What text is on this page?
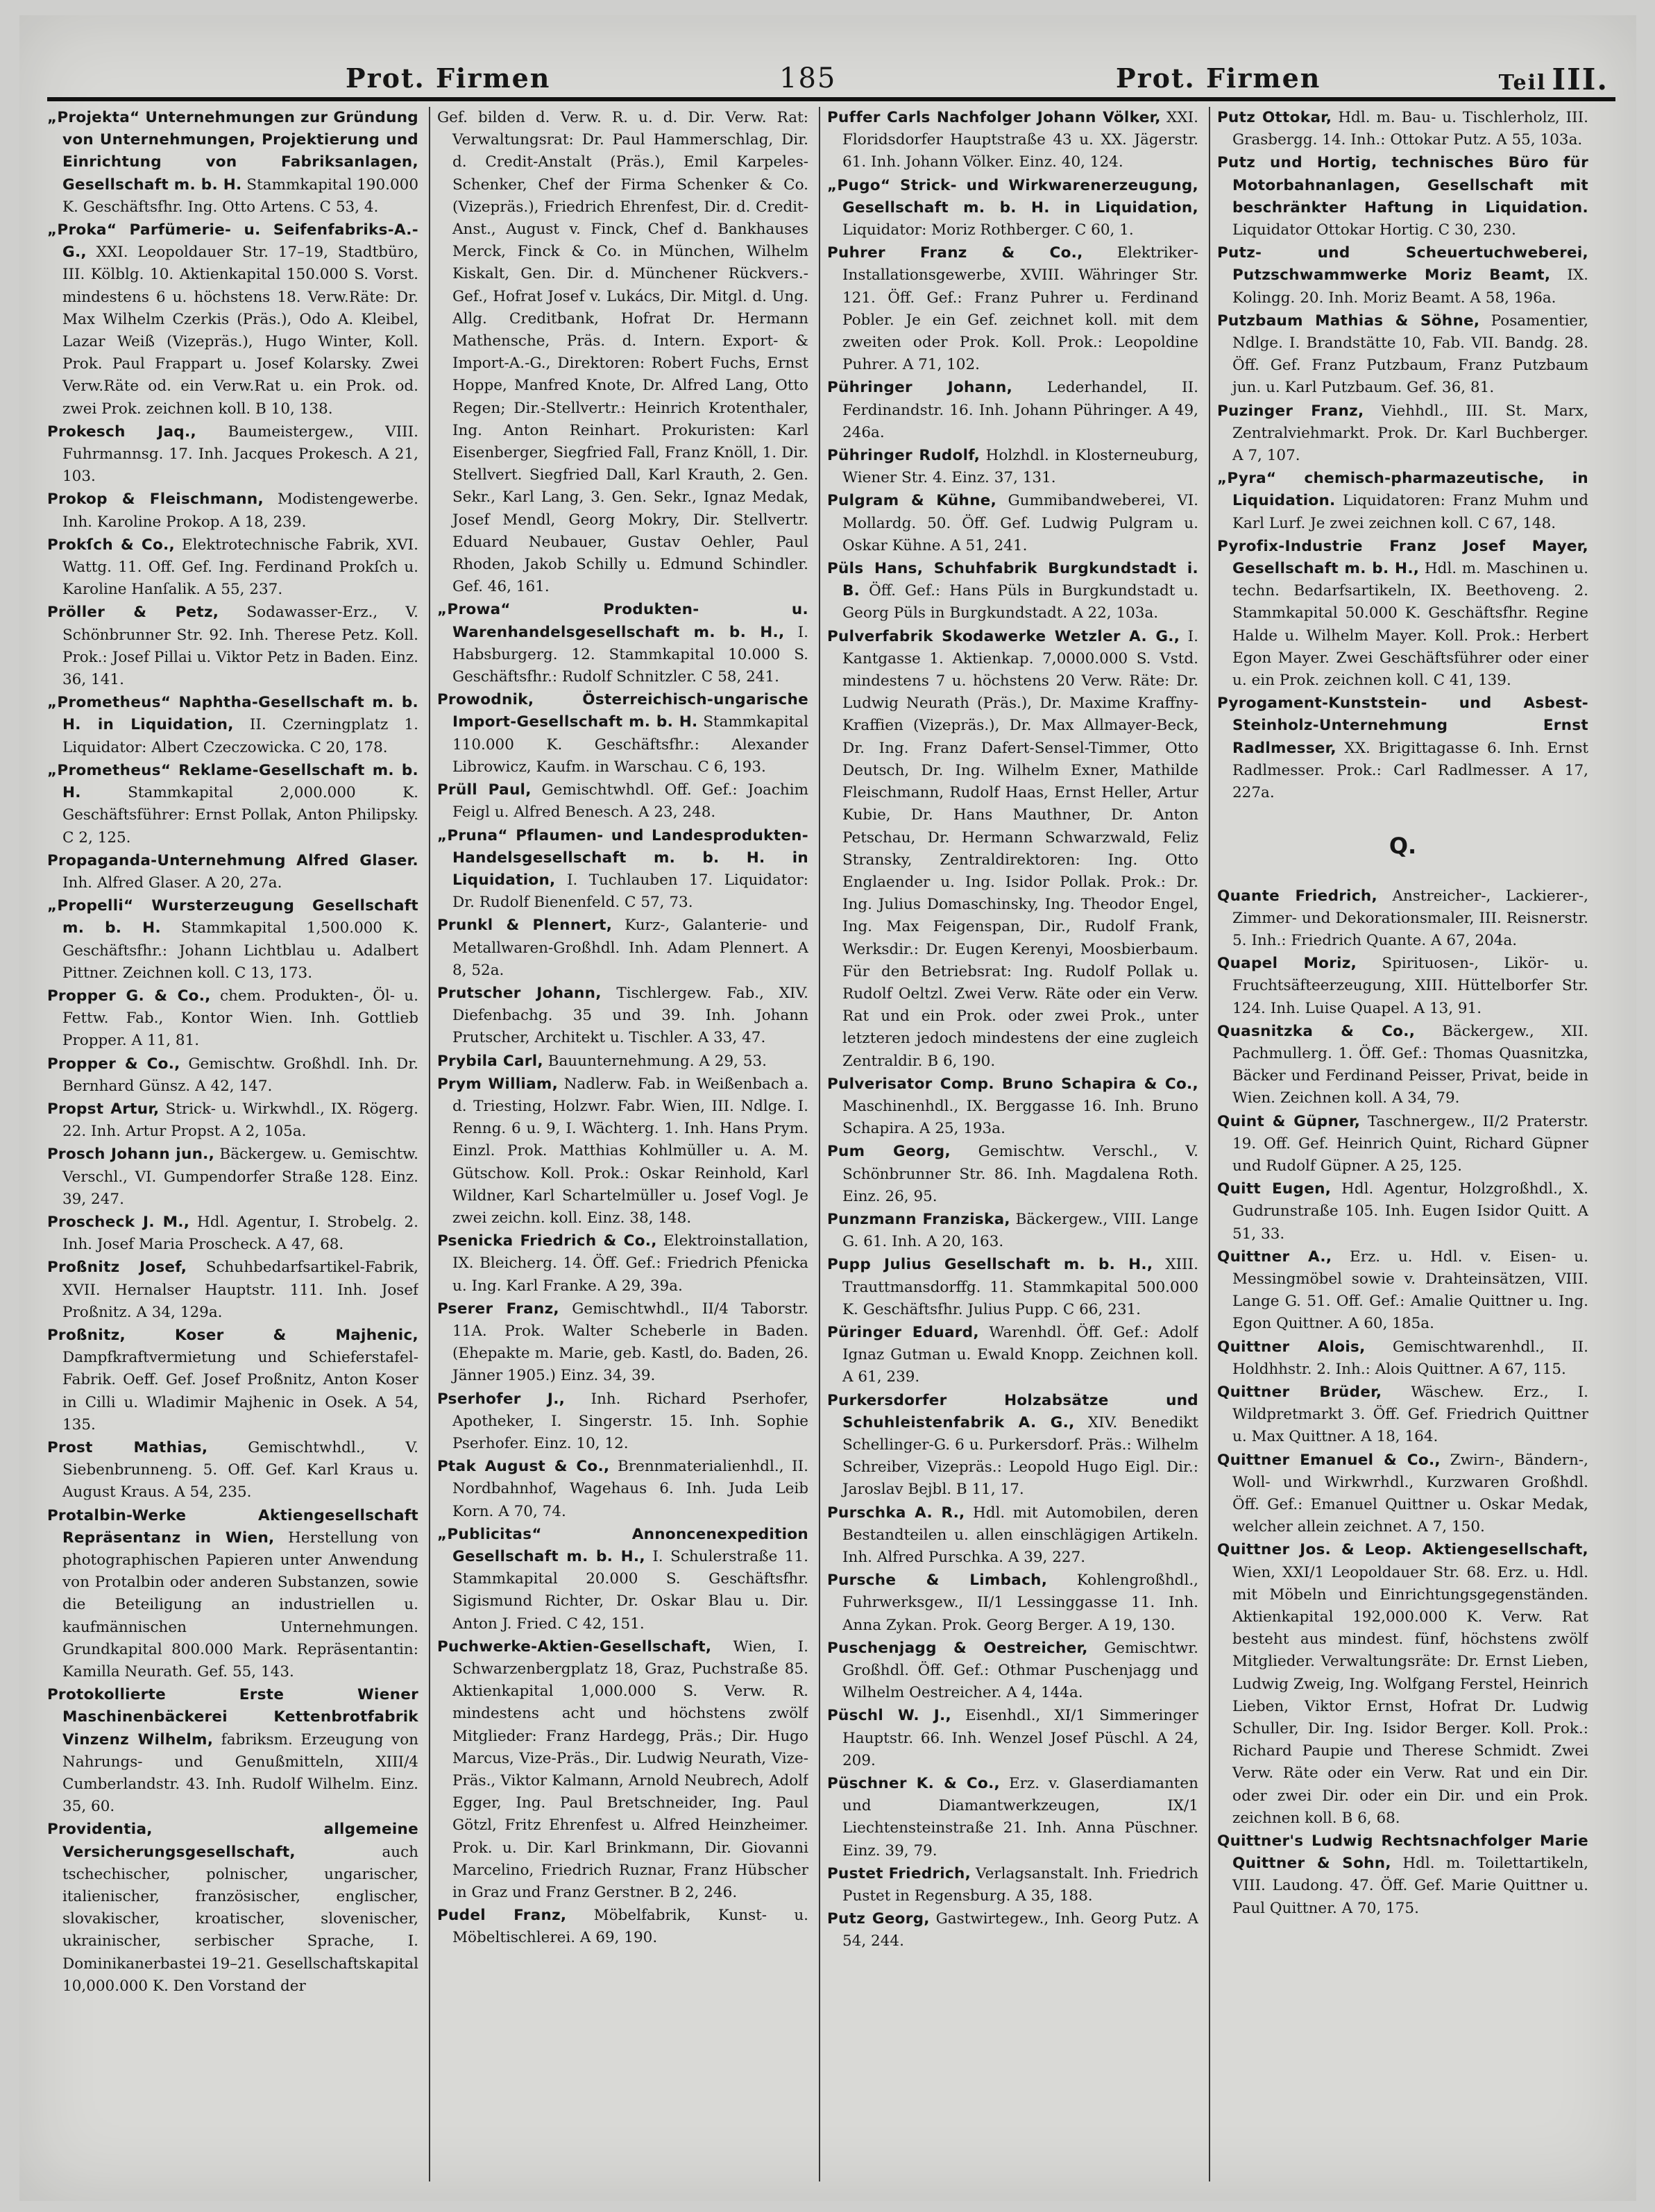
Prot. Firmen	185	Prot. Firmen	Teil III.
„Projekta“ Unternehmungen zur Gründung von Unternehmungen, Projektierung und Einrichtung von Fabriksanlagen, Gesellschaft m. b. H. Stammkapital 190.000 K. Geschäftsfhr. Ing. Otto Artens. C 53, 4.
„Proka“ Parfümerie- u. Seifenfabriks-A.-G., XXI. Leopoldauer Str. 17–19, Stadtbüro, III. Kölblg. 10. Aktienkapital 150.000 S. Vorst. mindestens 6 u. höchstens 18. Verw.Räte: Dr. Max Wilhelm Czerkis (Präs.), Odo A. Kleibel, Lazar Weiß (Vizepräs.), Hugo Winter, Koll. Prok. Paul Frappart u. Josef Kolarsky. Zwei Verw.Räte od. ein Verw.Rat u. ein Prok. od. zwei Prok. zeichnen koll. B 10, 138.
Prokesch Jaq., Baumeistergew., VIII. Fuhrmannsg. 17. Inh. Jacques Prokesch. A 21, 103.
Prokop & Fleischmann, Modistengewerbe. Inh. Karoline Prokop. A 18, 239.
Prokſch & Co., Elektrotechnische Fabrik, XVI. Wattg. 11. Off. Gef. Ing. Ferdinand Prokſch u. Karoline Hanſalik. A 55, 237.
Pröller & Petz, Sodawasser-Erz., V. Schönbrunner Str. 92. Inh. Therese Petz. Koll. Prok.: Josef Pillai u. Viktor Petz in Baden. Einz. 36, 141.
„Prometheus“ Naphtha-Gesellschaft m. b. H. in Liquidation, II. Czerningplatz 1. Liquidator: Albert Czeczowicka. C 20, 178.
„Prometheus“ Reklame-Gesellschaft m. b. H.	Stammkapital 2,000.000 K. Geschäftsführer: Ernst Pollak, Anton Philipsky. C 2, 125.
Propaganda-Unternehmung Alfred Glaser. Inh. Alfred Glaser. A 20, 27a.
„Propelli“ Wursterzeugung Gesellschaft m. b. H. Stammkapital 1,500.000 K. Geschäftsfhr.: Johann Lichtblau u. Adalbert Pittner. Zeichnen koll. C 13, 173.
Propper G. & Co., chem. Produkten-, Öl- u. Fettw. Fab., Kontor Wien. Inh. Gottlieb Propper. A 11, 81.
Propper & Co., Gemischtw. Großhdl. Inh. Dr. Bernhard Günsz. A 42, 147.
Propst Artur, Strick- u. Wirkwhdl., IX. Rögerg. 22. Inh. Artur Propst. A 2, 105a.
Prosch Johann jun., Bäckergew. u. Gemischtw. Verschl., VI. Gumpendorfer Straße 128. Einz. 39, 247.
Proscheck J. M., Hdl. Agentur, I. Strobelg. 2. Inh. Josef Maria Proscheck. A 47, 68.
Proßnitz Josef, Schuhbedarfsartikel-Fabrik, XVII. Hernalser Hauptstr. 111. Inh. Josef Proßnitz. A 34, 129a.
Proßnitz, Koser & Majhenic, Dampfkraftvermietung und Schieferstafel-Fabrik. Oeff. Gef. Josef Proßnitz, Anton Koser in Cilli u. Wladimir Majhenic in Osek. A 54, 135.
Prost Mathias,	Gemischtwhdl., V. Siebenbrunneng. 5. Off. Gef. Karl Kraus u. August Kraus. A 54, 235.
Protalbin-Werke Aktiengesellschaft Repräsentanz in Wien, Herstellung von photographischen Papieren unter Anwendung von Protalbin oder anderen Substanzen, sowie die Beteiligung an industriellen u. kaufmännischen Unternehmungen. Grundkapital 800.000 Mark. Repräsentantin: Kamilla Neurath. Gef. 55, 143.
Protokollierte Erste Wiener Maschinenbäckerei Kettenbrotfabrik Vinzenz Wilhelm, fabriksm. Erzeugung von Nahrungs- und Genußmitteln, XIII/4 Cumberlandstr. 43. Inh. Rudolf Wilhelm. Einz. 35, 60.
Providentia, allgemeine Versicherungsgesellschaft,	auch tschechischer, polnischer, ungarischer, italienischer, französischer, englischer, slovakischer, kroatischer, slovenischer, ukrainischer, serbischer Sprache, I. Dominikanerbastei 19–21. Gesellschaftskapital 10,000.000 K. Den Vorstand der
Gef. bilden d. Verw. R. u. d. Dir. Verw. Rat: Verwaltungsrat: Dr. Paul Hammerschlag, Dir. d. Credit-Anstalt (Präs.), Emil Karpeles-Schenker, Chef der Firma Schenker & Co. (Vizepräs.), Friedrich Ehrenfest, Dir. d. Credit-Anst., August v. Finck, Chef d. Bankhauses Merck, Finck & Co. in München, Wilhelm Kiskalt, Gen. Dir. d. Münchener Rückvers.-Gef., Hofrat Josef v. Lukács, Dir. Mitgl. d. Ung. Allg. Creditbank, Hofrat Dr. Hermann Mathensche, Präs. d. Intern. Export- & Import-A.-G., Direktoren: Robert Fuchs, Ernst Hoppe, Manfred Knote, Dr. Alfred Lang, Otto Regen; Dir.-Stellvertr.: Heinrich Krotenthaler, Ing. Anton Reinhart. Prokuristen: Karl Eisenberger, Siegfried Fall, Franz Knöll, 1. Dir. Stellvert. Siegfried Dall, Karl Krauth, 2. Gen. Sekr., Karl Lang, 3. Gen. Sekr., Ignaz Medak, Josef Mendl, Georg Mokry, Dir. Stellvertr. Eduard Neubauer, Gustav Oehler, Paul Rhoden, Jakob Schilly u. Edmund Schindler. Gef. 46, 161.
„Prowa“ Produkten- u. Warenhandelsgesellschaft m. b. H., I. Habsburgerg. 12. Stammkapital 10.000 S. Geschäftsfhr.: Rudolf Schnitzler. C 58, 241.
Prowodnik, Österreichisch-ungarische Import-Gesellschaft m. b. H. Stammkapital 110.000 K. Geschäftsfhr.: Alexander Librowicz, Kaufm. in Warschau. C 6, 193.
Prüll Paul, Gemischtwhdl. Off. Gef.: Joachim Feigl u. Alfred Benesch. A 23, 248.
„Pruna“ Pflaumen- und Landesprodukten-Handelsgesellschaft m. b. H. in Liquidation, I. Tuchlauben 17. Liquidator: Dr. Rudolf Bienenfeld. C 57, 73.
Prunkl & Plennert, Kurz-, Galanterie- und Metallwaren-Großhdl. Inh. Adam Plennert. A 8, 52a.
Prutscher Johann, Tischlergew. Fab., XIV. Diefenbachg. 35 und 39. Inh. Johann Prutscher, Architekt u. Tischler. A 33, 47.
Prybila Carl, Bauunternehmung. A 29, 53.
Prym William, Nadlerw. Fab. in Weißenbach a. d. Triesting, Holzwr. Fabr. Wien, III. Ndlge. I. Renng. 6 u. 9, I. Wächterg. 1. Inh. Hans Prym. Einzl. Prok. Matthias Kohlmüller u. A. M. Gütschow. Koll. Prok.: Oskar Reinhold, Karl Wildner, Karl Schartelmüller u. Josef Vogl. Je zwei zeichn. koll. Einz. 38, 148.
Psenicka Friedrich & Co., Elektroinstallation, IX. Bleicherg. 14. Öff. Gef.: Friedrich Pfenicka u. Ing. Karl Franke. A 29, 39a.
Pserer Franz, Gemischtwhdl., II/4 Taborstr. 11A. Prok. Walter Scheberle in Baden. (Ehepakte m. Marie, geb. Kastl, do. Baden, 26. Jänner 1905.) Einz. 34, 39.
Pserhofer J., Inh. Richard Pserhofer, Apotheker, I. Singerstr. 15. Inh. Sophie Pserhofer. Einz. 10, 12.
Ptak August & Co., Brennmaterialienhdl., II. Nordbahnhof, Wagehaus 6. Inh. Juda Leib Korn. A 70, 74.
„Publicitas“ Annoncenexpedition Gesellschaft m. b. H., I. Schulerstraße 11. Stammkapital 20.000 S. Geschäftsfhr. Sigismund Richter, Dr. Oskar Blau u. Dir. Anton J. Fried. C 42, 151.
Puchwerke-Aktien-Gesellschaft, Wien, I. Schwarzenbergplatz 18, Graz, Puchstraße 85. Aktienkapital 1,000.000 S. Verw. R. mindestens acht und höchstens zwölf Mitglieder: Franz Hardegg, Präs.; Dir. Hugo Marcus, Vize-Präs., Dir. Ludwig Neurath, Vize-Präs., Viktor Kalmann, Arnold Neubrech, Adolf Egger, Ing. Paul Bretschneider, Ing. Paul Götzl, Fritz Ehrenfest u. Alfred Heinzheimer. Prok. u. Dir. Karl Brinkmann, Dir. Giovanni Marcelino, Friedrich Ruznar, Franz Hübscher in Graz und Franz Gerstner. B 2, 246.
Pudel Franz, Möbelfabrik, Kunst- u. Möbeltischlerei. A 69, 190.
Puffer Carls Nachfolger Johann Völker, XXI. Floridsdorfer Hauptstraße 43 u. XX. Jägerstr. 61. Inh. Johann Völker. Einz. 40, 124.
„Pugo“ Strick- und Wirkwarenerzeugung, Gesellschaft m. b. H. in Liquidation, Liquidator: Moriz Rothberger. C 60, 1.
Puhrer Franz & Co., Elektriker-Installationsgewerbe, XVIII. Währinger Str. 121. Öff. Gef.: Franz Puhrer u. Ferdinand Pobler. Je ein Gef. zeichnet koll. mit dem zweiten oder Prok. Koll. Prok.: Leopoldine Puhrer. A 71, 102.
Pühringer Johann, Lederhandel, II. Ferdinandstr. 16. Inh. Johann Pühringer. A 49, 246a.
Pühringer Rudolf, Holzhdl. in Klosterneuburg, Wiener Str. 4. Einz. 37, 131.
Pulgram & Kühne, Gummibandweberei, VI. Mollardg. 50. Öff. Gef. Ludwig Pulgram u. Oskar Kühne. A 51, 241.
Püls Hans, Schuhfabrik Burgkundstadt i. B. Öff. Gef.: Hans Püls in Burgkundstadt u. Georg Püls in Burgkundstadt. A 22, 103a.
Pulverfabrik Skodawerke Wetzler A. G., I. Kantgasse 1. Aktienkap. 7,0000.000 S. Vstd. mindestens 7 u. höchstens 20 Verw. Räte: Dr. Ludwig Neurath (Präs.), Dr. Maxime Kraffny-Kraffien (Vizepräs.), Dr. Max Allmayer-Beck, Dr. Ing. Franz Dafert-Sensel-Timmer, Otto Deutsch, Dr. Ing. Wilhelm Exner, Mathilde Fleischmann, Rudolf Haas, Ernst Heller, Artur Kubie, Dr. Hans Mauthner, Dr. Anton Petschau, Dr. Hermann Schwarzwald, Feliz Stransky, Zentraldirektoren: Ing. Otto Englaender u. Ing. Isidor Pollak. Prok.: Dr. Ing. Julius Domaschinsky, Ing. Theodor Engel, Ing. Max Feigenspan, Dir., Rudolf Frank, Werksdir.: Dr. Eugen Kerenyi, Moosbierbaum. Für den Betriebsrat: Ing. Rudolf Pollak u. Rudolf Oeltzl. Zwei Verw. Räte oder ein Verw. Rat und ein Prok. oder zwei Prok., unter letzteren jedoch mindestens der eine zugleich Zentraldir. B 6, 190.
Pulverisator Comp. Bruno Schapira & Co., Maschinenhdl., IX. Berggasse 16. Inh. Bruno Schapira. A 25, 193a.
Pum Georg, Gemischtw. Verschl., V. Schönbrunner Str. 86. Inh. Magdalena Roth. Einz. 26, 95.
Punzmann Franziska, Bäckergew., VIII. Lange G. 61. Inh. A 20, 163.
Pupp Julius Gesellschaft m. b. H., XIII. Trauttmansdorffg. 11. Stammkapital 500.000 K. Geschäftsfhr. Julius Pupp. C 66, 231.
Püringer Eduard, Warenhdl. Öff. Gef.: Adolf Ignaz Gutman u. Ewald Knopp. Zeichnen koll. A 61, 239.
Purkersdorfer Holzabsätze und Schuhleistenfabrik A. G., XIV. Benedikt Schellinger-G. 6 u. Purkersdorf. Präs.: Wilhelm Schreiber, Vizepräs.: Leopold Hugo Eigl. Dir.: Jaroslav Bejbl. B 11, 17.
Purschka A. R., Hdl. mit Automobilen, deren Bestandteilen u. allen einschlägigen Artikeln. Inh. Alfred Purschka. A 39, 227.
Pursche & Limbach, Kohlengroßhdl., Fuhrwerksgew., II/1 Lessinggasse 11. Inh. Anna Zykan. Prok. Georg Berger. A 19, 130.
Puschenjagg & Oestreicher, Gemischtwr. Großhdl. Öff. Gef.: Othmar Puschenjagg und Wilhelm Oestreicher. A 4, 144a.
Püschl W. J., Eisenhdl., XI/1 Simmeringer Hauptstr. 66. Inh. Wenzel Josef Püschl. A 24, 209.
Püschner K. & Co., Erz. v. Glaserdiamanten und Diamantwerkzeugen, IX/1 Liechtensteinstraße 21. Inh. Anna Püschner. Einz. 39, 79.
Pustet Friedrich, Verlagsanstalt. Inh. Friedrich Pustet in Regensburg. A 35, 188.
Putz Georg, Gastwirtegew., Inh. Georg Putz. A 54, 244.
Putz Ottokar, Hdl. m. Bau- u. Tischlerholz, III. Grasbergg. 14. Inh.: Ottokar Putz. A 55, 103a.
Putz und Hortig, technisches Büro für Motorbahnanlagen, Gesellschaft mit beschränkter Haftung in Liquidation. Liquidator Ottokar Hortig. C 30, 230.
Putz- und Scheuertuchweberei, Putzschwammwerke Moriz Beamt, IX. Kolingg. 20. Inh. Moriz Beamt. A 58, 196a.
Putzbaum Mathias & Söhne, Posamentier, Ndlge. I. Brandstätte 10, Fab. VII. Bandg. 28. Öff. Gef. Franz Putzbaum, Franz Putzbaum jun. u. Karl Putzbaum. Gef. 36, 81.
Puzinger Franz, Viehhdl., III. St. Marx, Zentralviehmarkt. Prok. Dr. Karl Buchberger. A 7, 107.
„Pyra“ chemisch-pharmazeutische, in Liquidation. Liquidatoren: Franz Muhm und Karl Lurf. Je zwei zeichnen koll. C 67, 148.
Pyrofix-Industrie Franz Josef Mayer, Gesellschaft m. b. H., Hdl. m. Maschinen u. techn. Bedarfsartikeln, IX. Beethoveng. 2. Stammkapital 50.000 K. Geschäftsfhr. Regine Halde u. Wilhelm Mayer. Koll. Prok.: Herbert Egon Mayer. Zwei Geschäftsführer oder einer u. ein Prok. zeichnen koll. C 41, 139.
Pyrogament-Kunststein- und Asbest-Steinholz-Unternehmung Ernst Radlmesser, XX. Brigittagasse 6. Inh. Ernst Radlmesser. Prok.: Carl Radlmesser. A 17, 227a.
Q.
Quante Friedrich, Anstreicher-, Lackierer-, Zimmer- und Dekorationsmaler, III. Reisnerstr. 5. Inh.: Friedrich Quante. A 67, 204a.
Quapel Moriz, Spirituosen-, Likör- u. Fruchtsäfteerzeugung, XIII. Hüttelborfer Str. 124. Inh. Luise Quapel. A 13, 91.
Quasnitzka & Co., Bäckergew., XII. Pachmullerg. 1. Öff. Gef.: Thomas Quasnitzka, Bäcker und Ferdinand Peisser, Privat, beide in Wien. Zeichnen koll. A 34, 79.
Quint & Güpner, Taschnergew., II/2 Praterstr. 19. Off. Gef. Heinrich Quint, Richard Güpner und Rudolf Güpner. A 25, 125.
Quitt Eugen, Hdl. Agentur, Holzgroßhdl., X. Gudrunstraße 105. Inh. Eugen Isidor Quitt. A 51, 33.
Quittner A., Erz. u. Hdl. v. Eisen- u. Messingmöbel sowie v. Drahteinsätzen, VIII. Lange G. 51. Off. Gef.: Amalie Quittner u. Ing. Egon Quittner. A 60, 185a.
Quittner Alois, Gemischtwarenhdl., II. Holdhhstr. 2. Inh.: Alois Quittner. A 67, 115.
Quittner Brüder, Wäschew. Erz., I. Wildpretmarkt 3. Öff. Gef. Friedrich Quittner u. Max Quittner. A 18, 164.
Quittner Emanuel & Co., Zwirn-, Bändern-, Woll- und Wirkwrhdl., Kurzwaren Großhdl. Öff. Gef.: Emanuel Quittner u. Oskar Medak, welcher allein zeichnet. A 7, 150.
Quittner Jos. & Leop. Aktiengesellschaft, Wien, XXI/1 Leopoldauer Str. 68. Erz. u. Hdl. mit Möbeln und Einrichtungsgegenständen. Aktienkapital 192,000.000 K. Verw. Rat besteht aus mindest. fünf, höchstens zwölf Mitglieder. Verwaltungsräte: Dr. Ernst Lieben, Ludwig Zweig, Ing. Wolfgang Ferstel, Heinrich Lieben, Viktor Ernst, Hofrat Dr. Ludwig Schuller, Dir. Ing. Isidor Berger. Koll. Prok.: Richard Paupie und Therese Schmidt. Zwei Verw. Räte oder ein Verw. Rat und ein Dir. oder zwei Dir. oder ein Dir. und ein Prok. zeichnen koll. B 6, 68.
Quittner's Ludwig Rechtsnachfolger Marie Quittner & Sohn, Hdl. m. Toilettartikeln, VIII. Laudong. 47. Öff. Gef. Marie Quittner u. Paul Quittner. A 70, 175.
